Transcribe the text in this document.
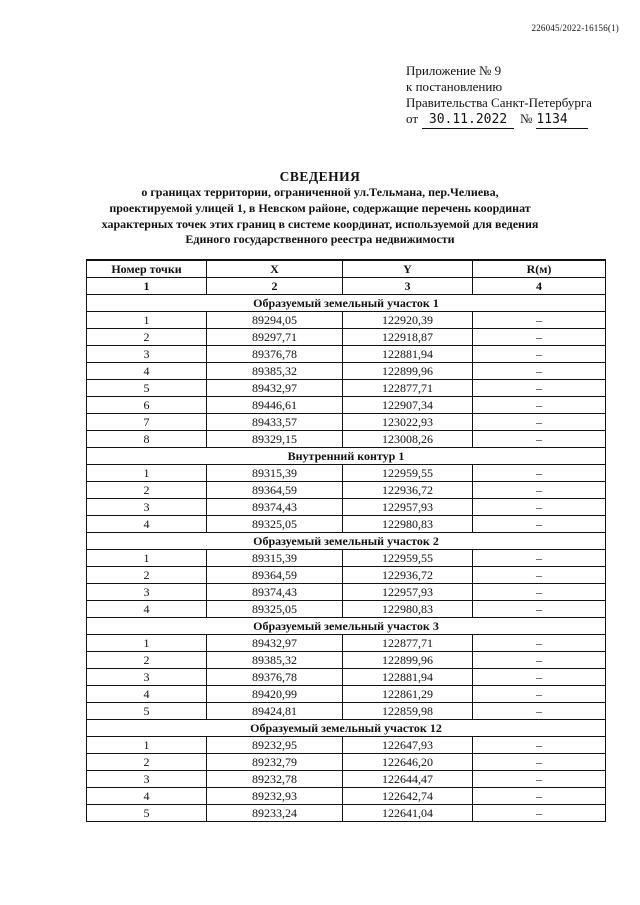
226045/2022-16156(1)
Приложение № 9
к постановлению
Правительства Санкт-Петербурга
от 30.11.2022 № 1134
СВЕДЕНИЯ
о границах территории, ограниченной ул.Тельмана, пер.Челиева,
проектируемой улицей 1, в Невском районе, содержащие перечень координат
характерных точек этих границ в системе координат, используемой для ведения
Единого государственного реестра недвижимости
Номер точки	X	Y	R(м)
1	2	3	4
Образуемый земельный участок 1			
1	89294,05	122920,39	–
2	89297,71	122918,87	–
3	89376,78	122881,94	–
4	89385,32	122899,96	–
5	89432,97	122877,71	–
6	89446,61	122907,34	–
7	89433,57	123022,93	–
8	89329,15	123008,26	–
Внутренний контур 1			
1	89315,39	122959,55	–
2	89364,59	122936,72	–
3	89374,43	122957,93	–
4	89325,05	122980,83	–
Образуемый земельный участок 2			
1	89315,39	122959,55	–
2	89364,59	122936,72	–
3	89374,43	122957,93	–
4	89325,05	122980,83	–
Образуемый земельный участок 3			
1	89432,97	122877,71	–
2	89385,32	122899,96	–
3	89376,78	122881,94	–
4	89420,99	122861,29	–
5	89424,81	122859,98	–
Образуемый земельный участок 12			
1	89232,95	122647,93	–
2	89232,79	122646,20	–
3	89232,78	122644,47	–
4	89232,93	122642,74	–
5	89233,24	122641,04	–
